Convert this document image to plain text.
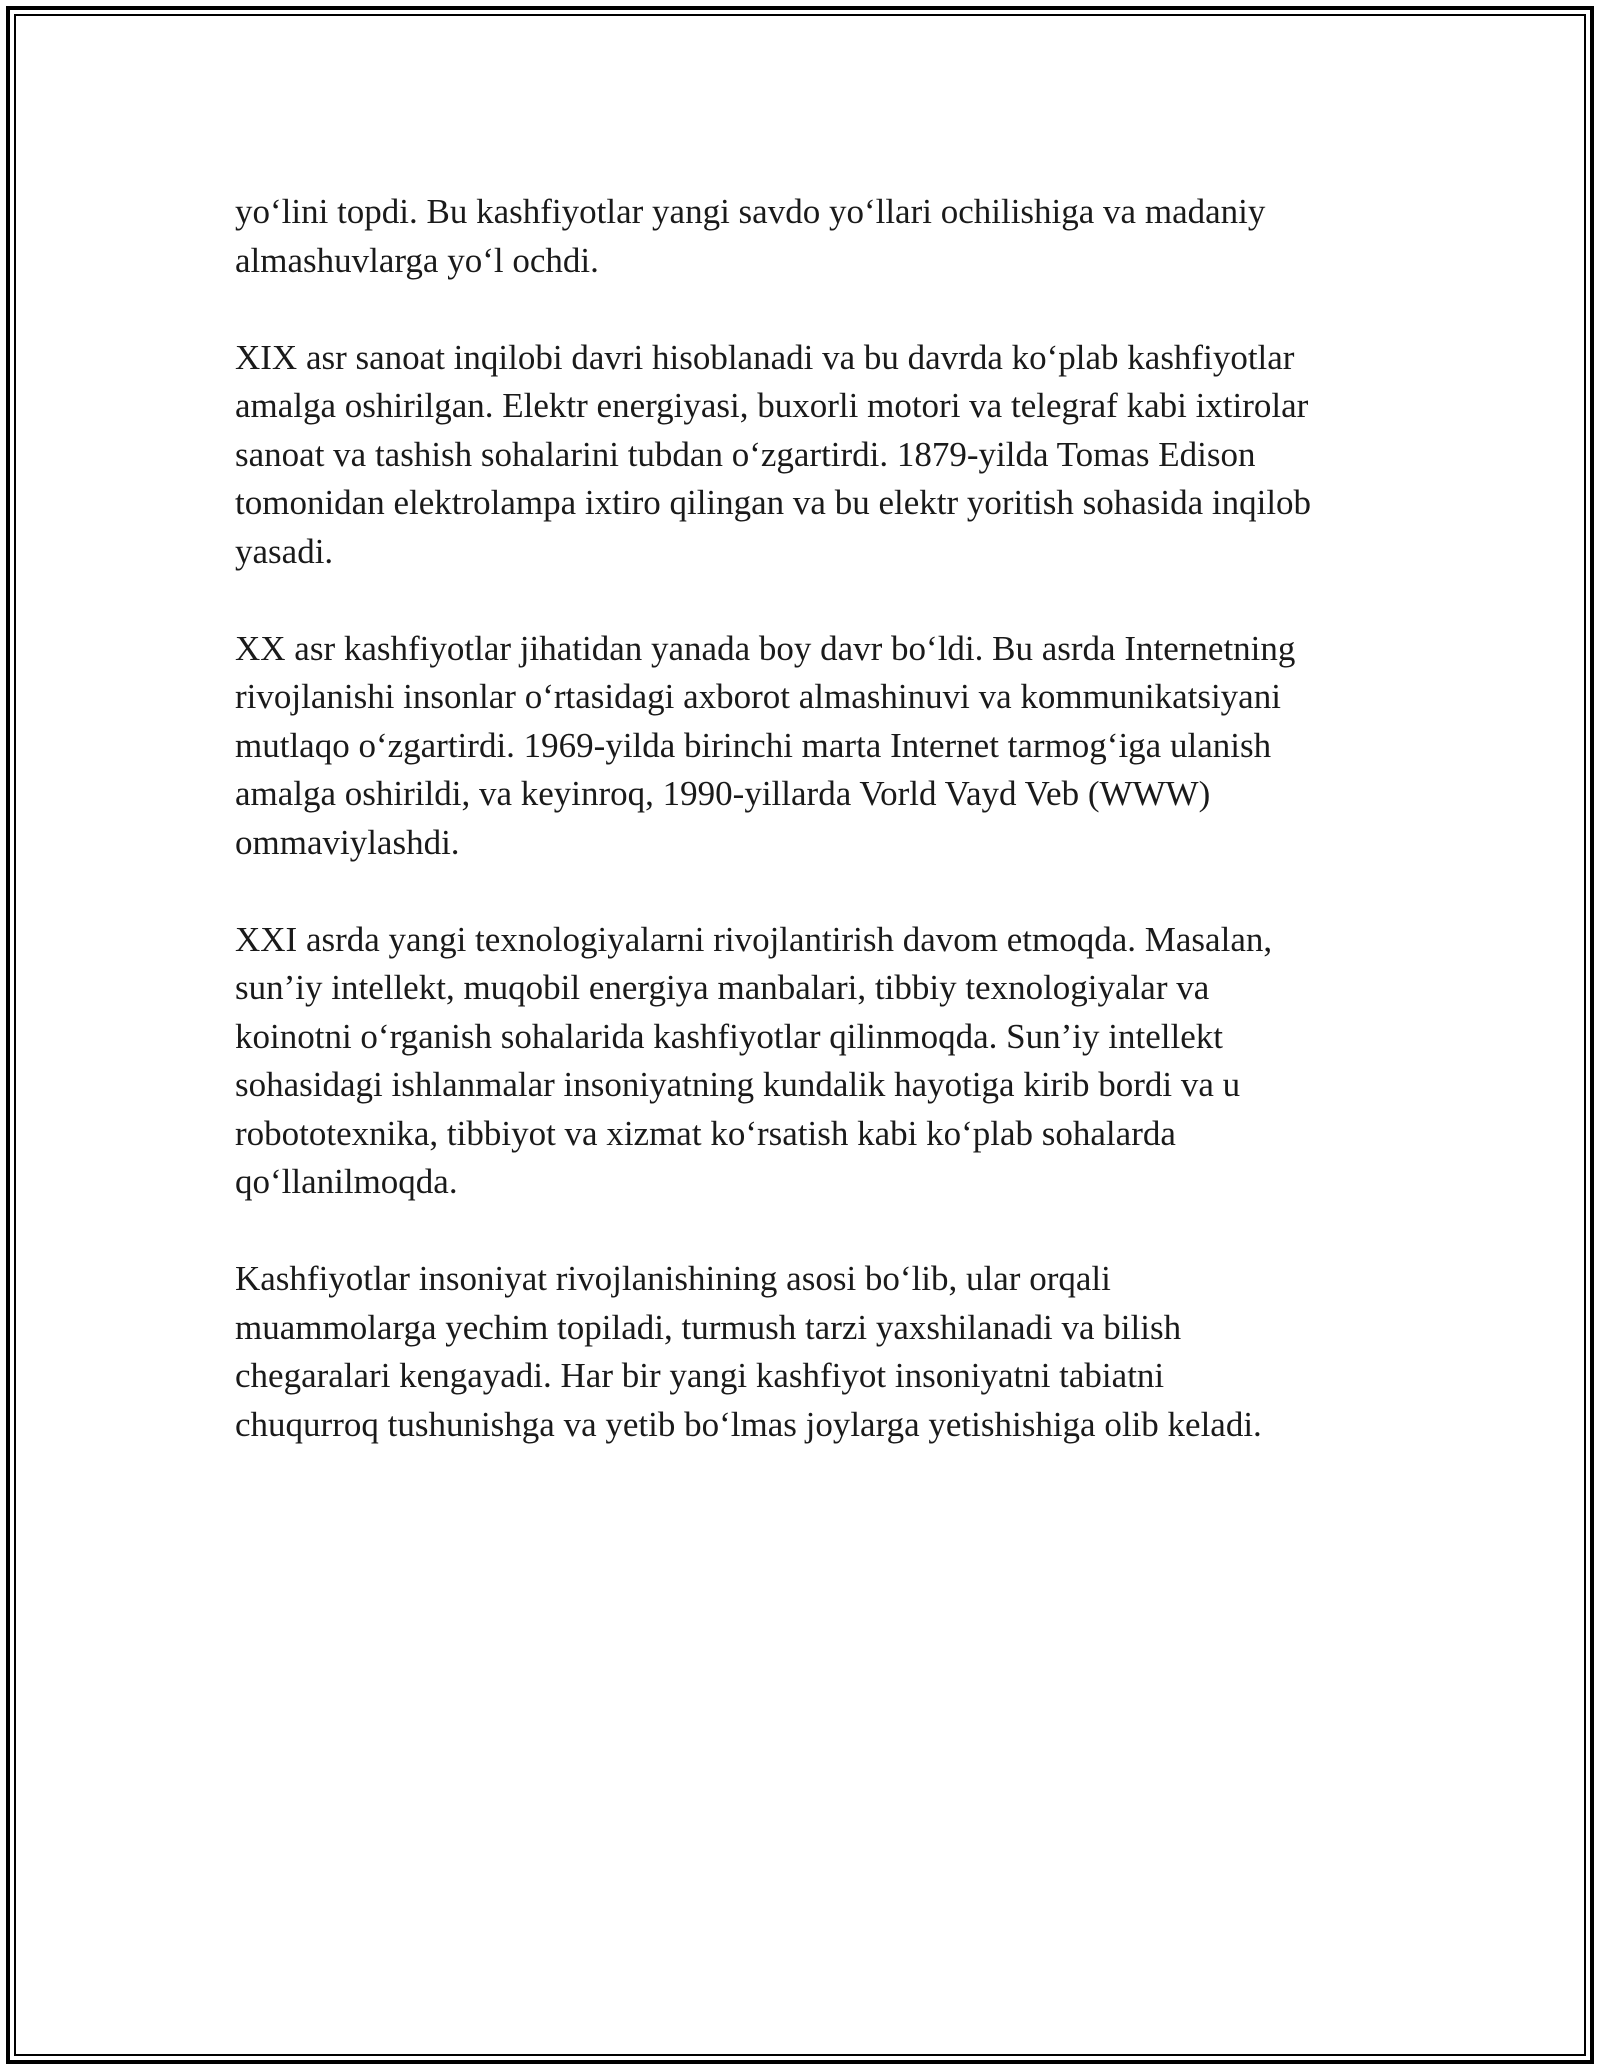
yo‘lini topdi. Bu kashfiyotlar yangi savdo yo‘llari ochilishiga va madaniy
almashuvlarga yo‘l ochdi.

XIX asr sanoat inqilobi davri hisoblanadi va bu davrda ko‘plab kashfiyotlar
amalga oshirilgan. Elektr energiyasi, buxorli motori va telegraf kabi ixtirolar
sanoat va tashish sohalarini tubdan o‘zgartirdi. 1879-yilda Tomas Edison
tomonidan elektrolampa ixtiro qilingan va bu elektr yoritish sohasida inqilob
yasadi.

XX asr kashfiyotlar jihatidan yanada boy davr bo‘ldi. Bu asrda Internetning
rivojlanishi insonlar o‘rtasidagi axborot almashinuvi va kommunikatsiyani
mutlaqo o‘zgartirdi. 1969-yilda birinchi marta Internet tarmog‘iga ulanish
amalga oshirildi, va keyinroq, 1990-yillarda Vorld Vayd Veb (WWW)
ommaviylashdi.

XXI asrda yangi texnologiyalarni rivojlantirish davom etmoqda. Masalan,
sun’iy intellekt, muqobil energiya manbalari, tibbiy texnologiyalar va
koinotni o‘rganish sohalarida kashfiyotlar qilinmoqda. Sun’iy intellekt
sohasidagi ishlanmalar insoniyatning kundalik hayotiga kirib bordi va u
robototexnika, tibbiyot va xizmat ko‘rsatish kabi ko‘plab sohalarda
qo‘llanilmoqda.

Kashfiyotlar insoniyat rivojlanishining asosi bo‘lib, ular orqali
muammolarga yechim topiladi, turmush tarzi yaxshilanadi va bilish
chegaralari kengayadi. Har bir yangi kashfiyot insoniyatni tabiatni
chuqurroq tushunishga va yetib bo‘lmas joylarga yetishishiga olib keladi.
